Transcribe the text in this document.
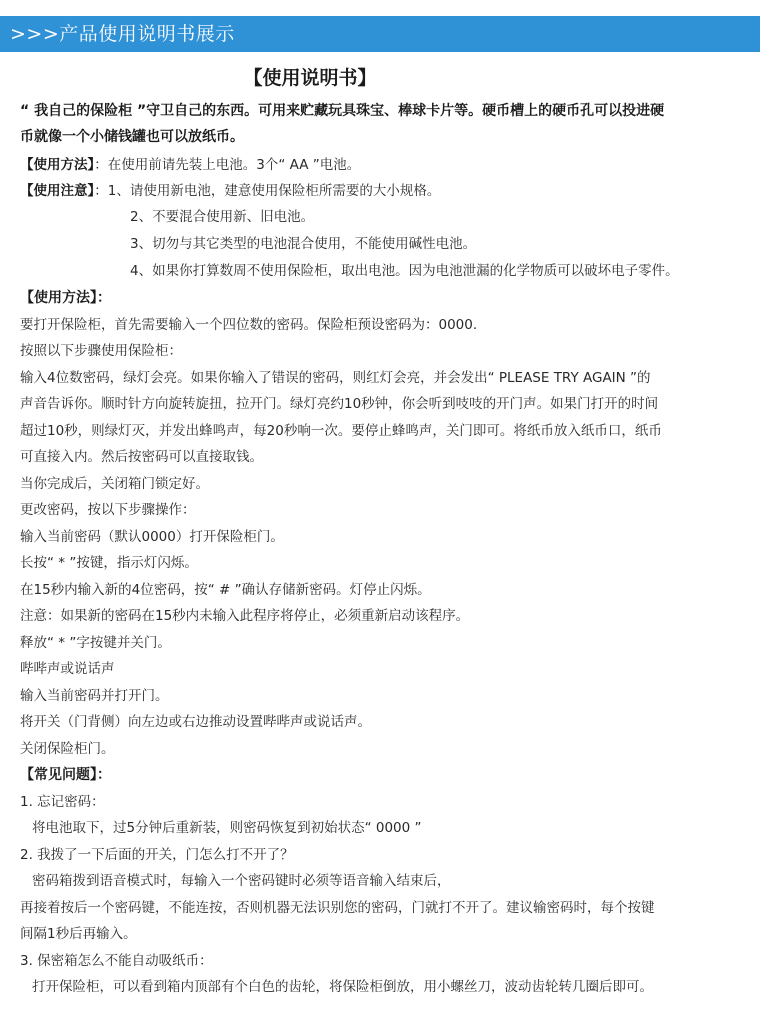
>>>产品使用说明书展示
【使用说明书】
“ 我自己的保险柜 ”守卫自己的东西。可用来贮藏玩具珠宝、棒球卡片等。硬币槽上的硬币孔可以投进硬
币就像一个小储钱罐也可以放纸币。
【使用方法】：在使用前请先装上电池。3个“ AA ”电池。
【使用注意】：1、请使用新电池，建意使用保险柜所需要的大小规格。
2、不要混合使用新、旧电池。
3、切勿与其它类型的电池混合使用，不能使用碱性电池。
4、如果你打算数周不使用保险柜，取出电池。因为电池泄漏的化学物质可以破坏电子零件。
【使用方法】：
要打开保险柜，首先需要输入一个四位数的密码。保险柜预设密码为：0000.
按照以下步骤使用保险柜：
输入4位数密码，绿灯会亮。如果你输入了错误的密码，则红灯会亮，并会发出“ PLEASE TRY AGAIN ”的
声音告诉你。顺时针方向旋转旋扭，拉开门。绿灯亮约10秒钟，你会听到吱吱的开门声。如果门打开的时间
超过10秒，则绿灯灭，并发出蜂鸣声，每20秒响一次。要停止蜂鸣声，关门即可。将纸币放入纸币口，纸币
可直接入内。然后按密码可以直接取钱。
当你完成后，关闭箱门锁定好。
更改密码，按以下步骤操作：
输入当前密码（默认0000）打开保险柜门。
长按“ * ”按键，指示灯闪烁。
在15秒内输入新的4位密码，按“ # ”确认存储新密码。灯停止闪烁。
注意：如果新的密码在15秒内未输入此程序将停止，必须重新启动该程序。
释放“ * ”字按键并关门。
哔哔声或说话声
输入当前密码并打开门。
将开关（门背侧）向左边或右边推动设置哔哔声或说话声。
关闭保险柜门。
【常见问题】：
1. 忘记密码：
将电池取下，过5分钟后重新装，则密码恢复到初始状态“ 0000 ”
2. 我拨了一下后面的开关，门怎么打不开了？
密码箱拨到语音模式时，每输入一个密码键时必须等语音输入结束后，
再接着按后一个密码键，不能连按，否则机器无法识别您的密码，门就打不开了。建议输密码时，每个按键
间隔1秒后再输入。
3. 保密箱怎么不能自动吸纸币：
打开保险柜，可以看到箱内顶部有个白色的齿轮，将保险柜倒放，用小螺丝刀，波动齿轮转几圈后即可。
